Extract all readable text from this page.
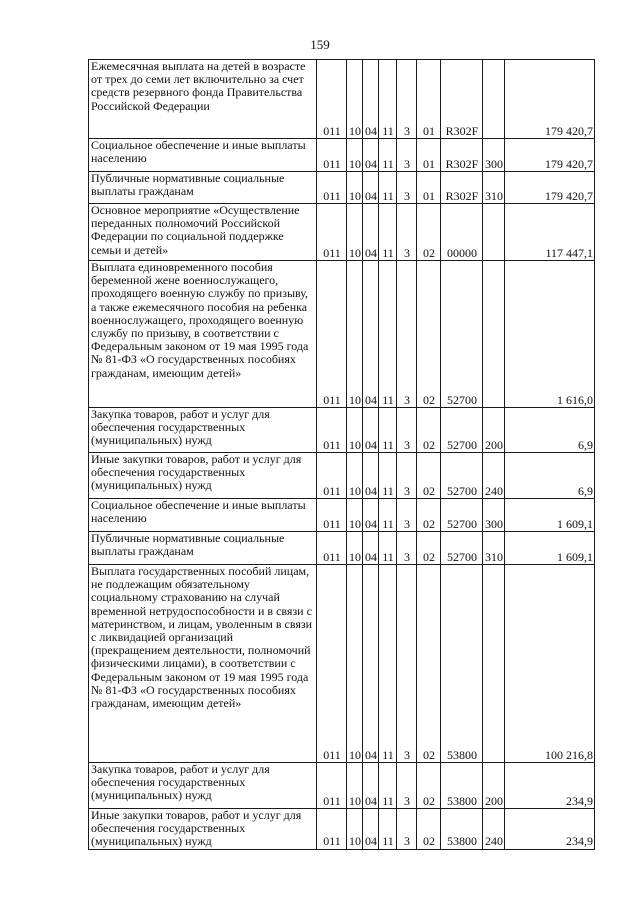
159
Ежемесячная выплата на детей в возрасте от трех до семи лет включительно за счет средств резервного фонда Правительства Российской Федерации	011	10	04	11	3	01	R302F		179 420,7
Социальное обеспечение и иные выплаты населению	011	10	04	11	3	01	R302F	300	179 420,7
Публичные нормативные социальные выплаты гражданам	011	10	04	11	3	01	R302F	310	179 420,7
Основное мероприятие «Осуществление переданных полномочий Российской Федерации по социальной поддержке семьи и детей»	011	10	04	11	3	02	00000		117 447,1
Выплата единовременного пособия беременной жене военнослужащего, проходящего военную службу по призыву, а также ежемесячного пособия на ребенка военнослужащего, проходящего военную службу по призыву, в соответствии с Федеральным законом от 19 мая 1995 года № 81-ФЗ «О государственных пособиях гражданам, имеющим детей»	011	10	04	11	3	02	52700		1 616,0
Закупка товаров, работ и услуг для обеспечения государственных (муниципальных) нужд	011	10	04	11	3	02	52700	200	6,9
Иные закупки товаров, работ и услуг для обеспечения государственных (муниципальных) нужд	011	10	04	11	3	02	52700	240	6,9
Социальное обеспечение и иные выплаты населению	011	10	04	11	3	02	52700	300	1 609,1
Публичные нормативные социальные выплаты гражданам	011	10	04	11	3	02	52700	310	1 609,1
Выплата государственных пособий лицам, не подлежащим обязательному социальному страхованию на случай временной нетрудоспособности и в связи с материнством, и лицам, уволенным в связи с ликвидацией организаций (прекращением деятельности, полномочий физическими лицами), в соответствии с Федеральным законом от 19 мая 1995 года № 81-ФЗ «О государственных пособиях гражданам, имеющим детей»	011	10	04	11	3	02	53800		100 216,8
Закупка товаров, работ и услуг для обеспечения государственных (муниципальных) нужд	011	10	04	11	3	02	53800	200	234,9
Иные закупки товаров, работ и услуг для обеспечения государственных (муниципальных) нужд	011	10	04	11	3	02	53800	240	234,9
